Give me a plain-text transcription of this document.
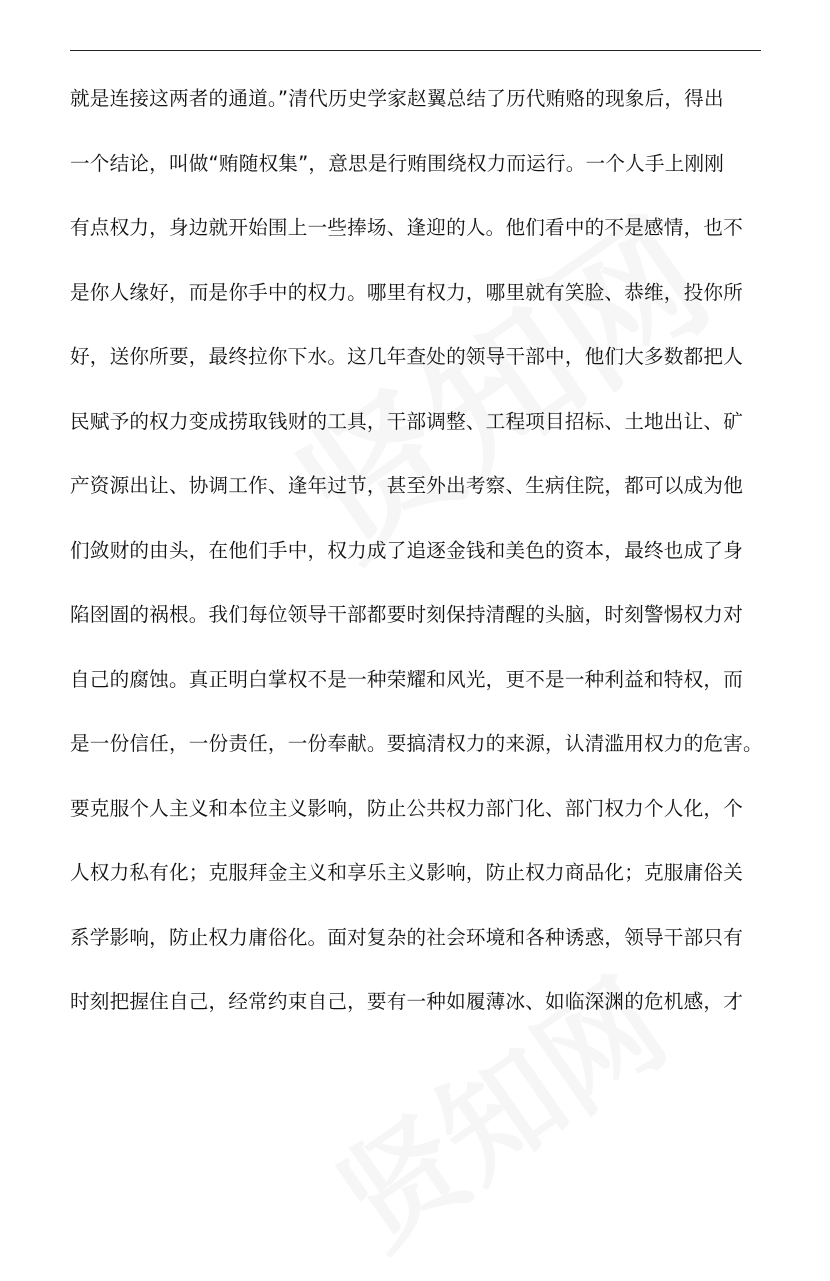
就是连接这两者的通道。”清代历史学家赵翼总结了历代贿赂的现象后，得出
一个结论，叫做“贿随权集”，意思是行贿围绕权力而运行。一个人手上刚刚
有点权力，身边就开始围上一些捧场、逢迎的人。他们看中的不是感情，也不
是你人缘好，而是你手中的权力。哪里有权力，哪里就有笑脸、恭维，投你所
好，送你所要，最终拉你下水。这几年查处的领导干部中，他们大多数都把人
民赋予的权力变成捞取钱财的工具，干部调整、工程项目招标、土地出让、矿
产资源出让、协调工作、逢年过节，甚至外出考察、生病住院，都可以成为他
们敛财的由头，在他们手中，权力成了追逐金钱和美色的资本，最终也成了身
陷囹圄的祸根。我们每位领导干部都要时刻保持清醒的头脑，时刻警惕权力对
自己的腐蚀。真正明白掌权不是一种荣耀和风光，更不是一种利益和特权，而
是一份信任，一份责任，一份奉献。要搞清权力的来源，认清滥用权力的危害。
要克服个人主义和本位主义影响，防止公共权力部门化、部门权力个人化，个
人权力私有化；克服拜金主义和享乐主义影响，防止权力商品化；克服庸俗关
系学影响，防止权力庸俗化。面对复杂的社会环境和各种诱惑，领导干部只有
时刻把握住自己，经常约束自己，要有一种如履薄冰、如临深渊的危机感，才
